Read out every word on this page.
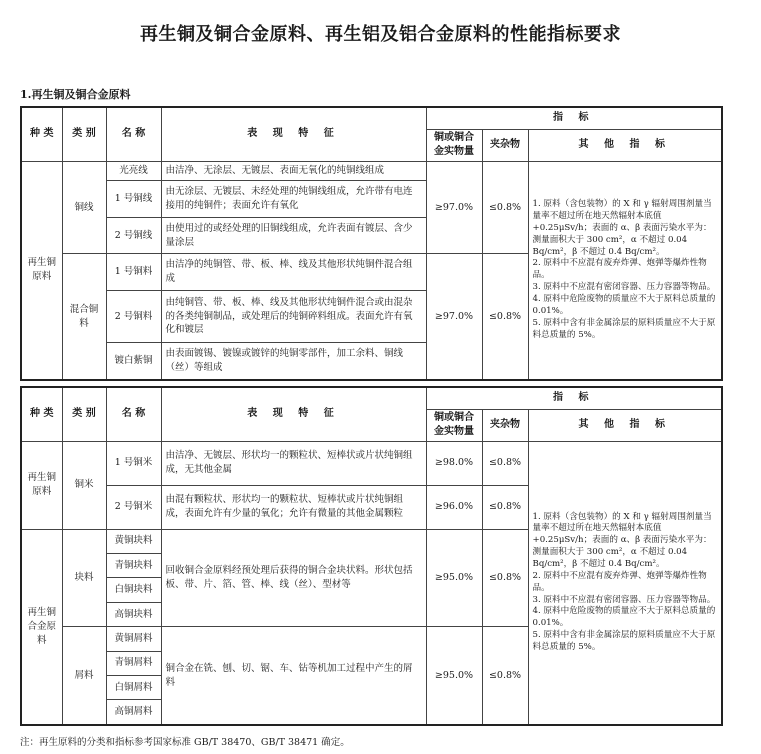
再生铜及铜合金原料、再生铝及铝合金原料的性能指标要求
1.再生铜及铜合金原料
种 类	类 别	名 称	表 现 特 征	指 标		
				铜或铜合金实物量	夹杂物	其 他 指 标
再生铜原料	铜线	光亮线	由洁净、无涂层、无镀层、表面无氧化的纯铜线组成	≥97.0%	≤0.8%	1. 原料（含包装物）的 X 和 γ 辐射周围剂量当量率不超过所在地天然辐射本底值+0.25μSv/h；表面的 α、β 表面污染水平为：测量面积大于 300 cm²，α 不超过 0.04 Bq/cm²，β 不超过 0.4 Bq/cm²。
2. 原料中不应混有废弃炸弹、炮弹等爆炸性物品。
3. 原料中不应混有密闭容器、压力容器等物品。
4. 原料中危险废物的质量应不大于原料总质量的 0.01%。
5. 原料中含有非金属涂层的原料质量应不大于原料总质量的 5%。

		1 号铜线	由无涂层、无镀层、未经处理的纯铜线组成，允许带有电连接用的纯铜件；表面允许有氧化			
		2 号铜线	由使用过的或经处理的旧铜线组成，允许表面有镀层、含少量涂层			
	混合铜料	1 号铜料	由洁净的纯铜管、带、板、棒、线及其他形状纯铜件混合组成	≥97.0%	≤0.8%	
		2 号铜料	由纯铜管、带、板、棒、线及其他形状纯铜件混合或由混杂的各类纯铜制品，或处理后的纯铜碎料组成。表面允许有氧化和镀层			
		镀白紫铜	由表面镀锡、镀镍或镀锌的纯铜零部件，加工余料、铜线（丝）等组成			
种 类	类 别	名 称	表 现 特 征	指 标		
				铜或铜合金实物量	夹杂物	其 他 指 标
再生铜原料	铜米	1 号铜米	由洁净、无镀层、形状均一的颗粒状、短棒状或片状纯铜组成，无其他金属	≥98.0%	≤0.8%	1. 原料（含包装物）的 X 和 γ 辐射周围剂量当量率不超过所在地天然辐射本底值+0.25μSv/h；表面的 α、β 表面污染水平为：测量面积大于 300 cm²，α 不超过 0.04 Bq/cm²，β 不超过 0.4 Bq/cm²。
2. 原料中不应混有废弃炸弹、炮弹等爆炸性物品。
3. 原料中不应混有密闭容器、压力容器等物品。
4. 原料中危险废物的质量应不大于原料总质量的 0.01%。
5. 原料中含有非金属涂层的原料质量应不大于原料总质量的 5%。

		2 号铜米	由混有颗粒状、形状均一的颗粒状、短棒状或片状纯铜组成，表面允许有少量的氧化；允许有微量的其他金属颗粒	≥96.0%	≤0.8%	
再生铜合金原料	块料	黄铜块料	回收铜合金原料经预处理后获得的铜合金块状料。形状包括板、带、片、箔、管、棒、线（丝）、型材等	≥95.0%	≤0.8%	
		青铜块料				
		白铜块料				
		高铜块料				
	屑料	黄铜屑料	铜合金在铣、刨、切、锯、车、钻等机加工过程中产生的屑料	≥95.0%	≤0.8%	
		青铜屑料				
		白铜屑料				
		高铜屑料				
注：再生原料的分类和指标参考国家标准 GB/T 38470、GB/T 38471 确定。
